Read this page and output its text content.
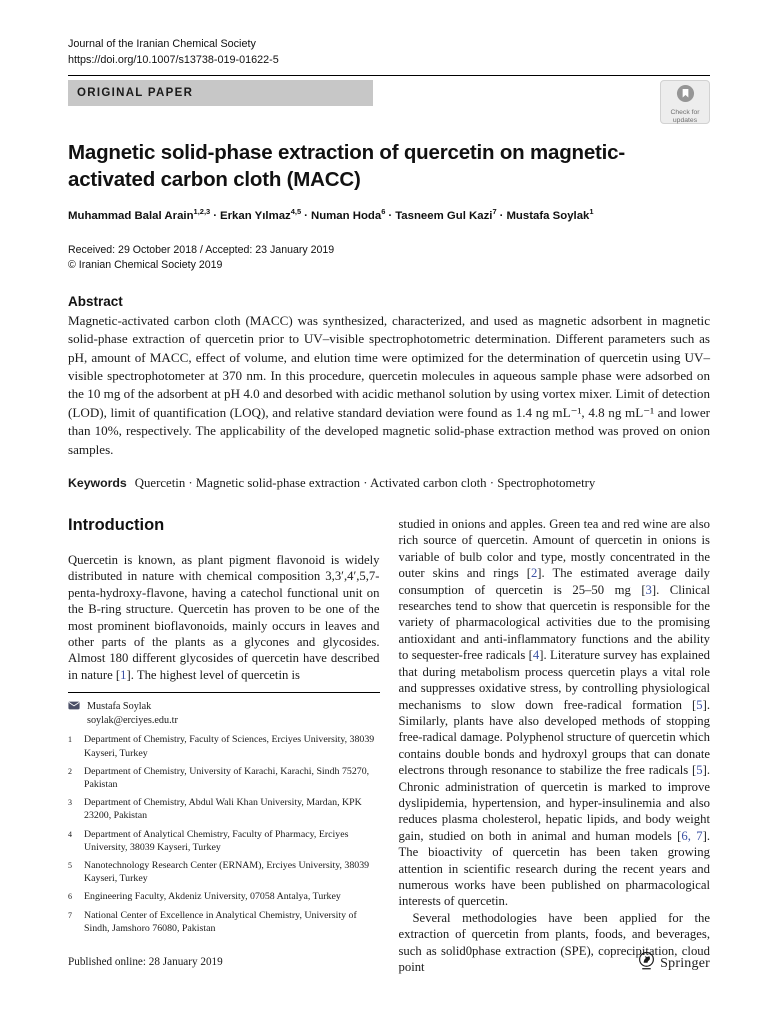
Journal of the Iranian Chemical Society
https://doi.org/10.1007/s13738-019-01622-5
ORIGINAL PAPER
Check for
updates
Magnetic solid-phase extraction of quercetin on magnetic-activated carbon cloth (MACC)
Muhammad Balal Arain$^{1,2,3}$ · Erkan Yılmaz$^{4,5}$ · Numan Hoda$^6$ · Tasneem Gul Kazi$^7$ · Mustafa Soylak$^1$
Received: 29 October 2018 / Accepted: 23 January 2019
© Iranian Chemical Society 2019
Abstract
Magnetic-activated carbon cloth (MACC) was synthesized, characterized, and used as magnetic adsorbent in magnetic solid-phase extraction of quercetin prior to UV–visible spectrophotometric determination. Different parameters such as pH, amount of MACC, effect of volume, and elution time were optimized for the determination of quercetin using UV–visible spectrophotometer at 370 nm. In this procedure, quercetin molecules in aqueous sample phase were adsorbed on the 10 mg of the adsorbent at pH 4.0 and desorbed with acidic methanol solution by using vortex mixer. Limit of detection (LOD), limit of quantification (LOQ), and relative standard deviation were found as 1.4 ng mL⁻¹, 4.8 ng mL⁻¹ and lower than 10%, respectively. The applicability of the developed magnetic solid-phase extraction method was proved on onion samples.
Keywords Quercetin · Magnetic solid-phase extraction · Activated carbon cloth · Spectrophotometry
Introduction
Quercetin is known, as plant pigment flavonoid is widely distributed in nature with chemical composition 3,3′,4′,5,7-penta-hydroxy-flavone, having a catechol functional unit on the B-ring structure. Quercetin has proven to be one of the most prominent bioflavonoids, mainly occurs in leaves and other parts of the plants as a glycones and glycosides. Almost 180 different glycosides of quercetin have described in nature [1]. The highest level of quercetin is
Mustafa Soylak
soylak@erciyes.edu.tr
1	Department of Chemistry, Faculty of Sciences, Erciyes University, 38039 Kayseri, Turkey
2	Department of Chemistry, University of Karachi, Karachi, Sindh 75270, Pakistan
3	Department of Chemistry, Abdul Wali Khan University, Mardan, KPK 23200, Pakistan
4	Department of Analytical Chemistry, Faculty of Pharmacy, Erciyes University, 38039 Kayseri, Turkey
5	Nanotechnology Research Center (ERNAM), Erciyes University, 38039 Kayseri, Turkey
6	Engineering Faculty, Akdeniz University, 07058 Antalya, Turkey
7	National Center of Excellence in Analytical Chemistry, University of Sindh, Jamshoro 76080, Pakistan
studied in onions and apples. Green tea and red wine are also rich source of quercetin. Amount of quercetin in onions is variable of bulb color and type, mostly concentrated in the outer skins and rings [2]. The estimated average daily consumption of quercetin is 25–50 mg [3]. Clinical researches tend to show that quercetin is responsible for the variety of pharmacological activities due to the promising antioxidant and anti-inflammatory functions and the ability to sequester-free radicals [4]. Literature survey has explained that during metabolism process quercetin plays a vital role and suppresses oxidative stress, by controlling physiological mechanisms to slow down free-radical formation [5]. Similarly, plants have also developed methods of stopping free-radical damage. Polyphenol structure of quercetin which contains double bonds and hydroxyl groups that can donate electrons through resonance to stabilize the free radicals [5]. Chronic administration of quercetin is marked to improve dyslipidemia, hypertension, and hyper-insulinemia and also reduces plasma cholesterol, hepatic lipids, and body weight gain, studied on both in animal and human models [6, 7]. The bioactivity of quercetin has been taken growing attention in scientific research during the recent years and numerous works have been published on pharmacological interests of quercetin.
Several methodologies have been applied for the extraction of quercetin from plants, foods, and beverages, such as solid0phase extraction (SPE), coprecipitation, cloud point
Published online: 28 January 2019	Springer
